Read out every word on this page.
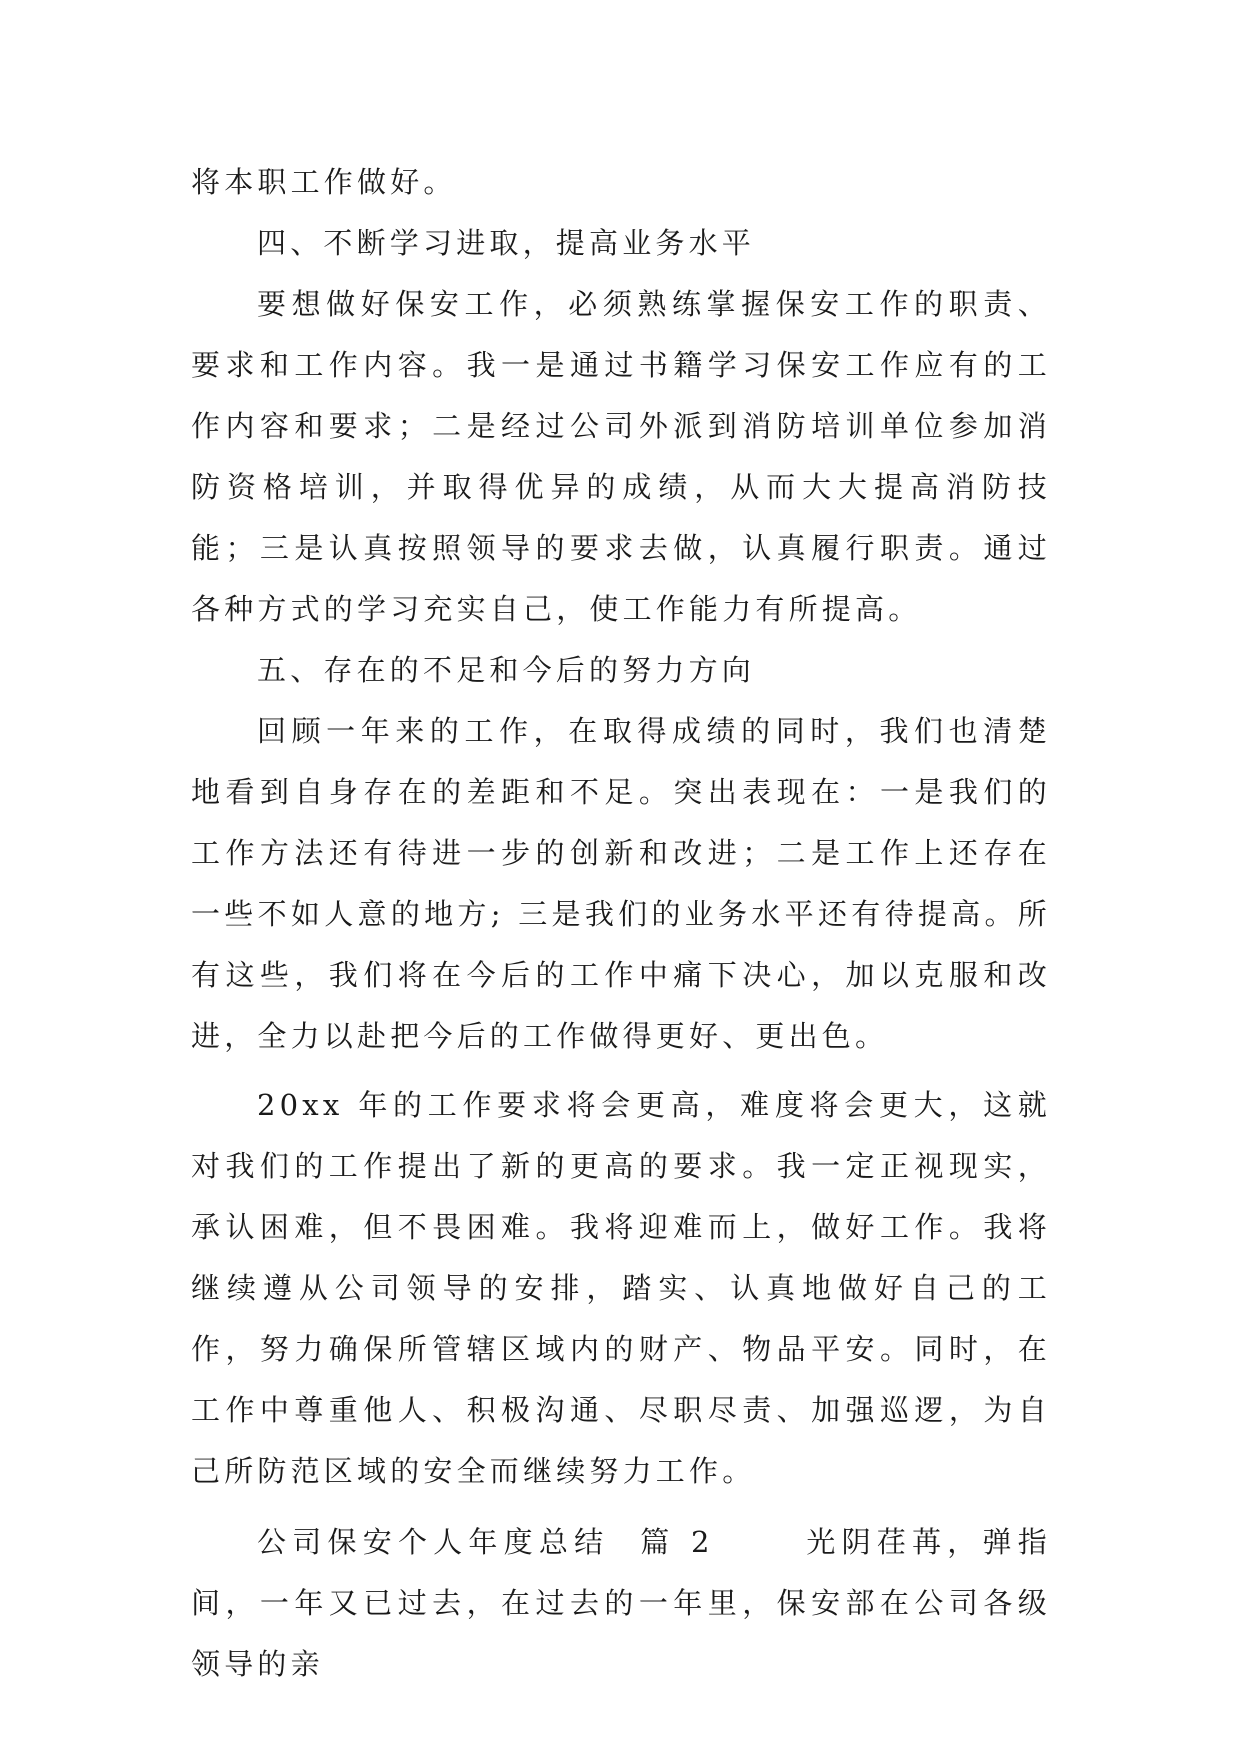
将本职工作做好。

四、不断学习进取，提高业务水平

要想做好保安工作，必须熟练掌握保安工作的职责、要求和工作内容。我一是通过书籍学习保安工作应有的工作内容和要求；二是经过公司外派到消防培训单位参加消防资格培训，并取得优异的成绩，从而大大提高消防技能；三是认真按照领导的要求去做，认真履行职责。通过各种方式的学习充实自己，使工作能力有所提高。

五、存在的不足和今后的努力方向

回顾一年来的工作，在取得成绩的同时，我们也清楚地看到自身存在的差距和不足。突出表现在：一是我们的工作方法还有待进一步的创新和改进；二是工作上还存在一些不如人意的地方; 三是我们的业务水平还有待提高。所有这些，我们将在今后的工作中痛下决心，加以克服和改进，全力以赴把今后的工作做得更好、更出色。

20xx 年的工作要求将会更高，难度将会更大，这就对我们的工作提出了新的更高的要求。我一定正视现实，承认困难，但不畏困难。我将迎难而上，做好工作。我将继续遵从公司领导的安排，踏实、认真地做好自己的工作，努力确保所管辖区域内的财产、物品平安。同时，在工作中尊重他人、积极沟通、尽职尽责、加强巡逻，为自己所防范区域的安全而继续努力工作。

公司保安个人年度总结  篇 2      光阴荏苒，弹指间，一年又已过去，在过去的一年里，保安部在公司各级领导的亲
